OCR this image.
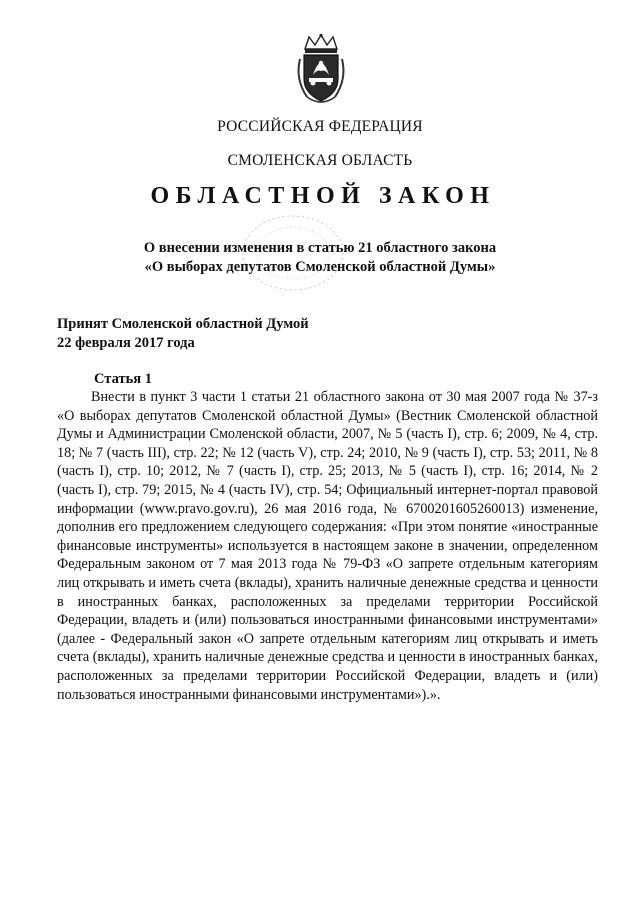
РОССИЙСКАЯ ФЕДЕРАЦИЯ
СМОЛЕНСКАЯ ОБЛАСТЬ
ОБЛАСТНОЙ ЗАКОН
О внесении изменения в статью 21 областного закона
«О выборах депутатов Смоленской областной Думы»
Принят Смоленской областной Думой
22 февраля 2017 года
Статья 1

Внести в пункт 3 части 1 статьи 21 областного закона от 30 мая 2007 года № 37-з «О выборах депутатов Смоленской областной Думы» (Вестник Смоленской областной Думы и Администрации Смоленской области, 2007, № 5 (часть I), стр. 6; 2009, № 4, стр. 18; № 7 (часть III), стр. 22; № 12 (часть V), стр. 24; 2010, № 9 (часть I), стр. 53; 2011, № 8 (часть I), стр. 10; 2012, № 7 (часть I), стр. 25; 2013, № 5 (часть I), стр. 16; 2014, № 2 (часть I), стр. 79; 2015, № 4 (часть IV), стр. 54; Официальный интернет-портал правовой информации (www.pravo.gov.ru), 26 мая 2016 года, № 6700201605260013) изменение, дополнив его предложением следующего содержания: «При этом понятие «иностранные финансовые инструменты» используется в настоящем законе в значении, определенном Федеральным законом от 7 мая 2013 года № 79-ФЗ «О запрете отдельным категориям лиц открывать и иметь счета (вклады), хранить наличные денежные средства и ценности в иностранных банках, расположенных за пределами территории Российской Федерации, владеть и (или) пользоваться иностранными финансовыми инструментами» (далее - Федеральный закон «О запрете отдельным категориям лиц открывать и иметь счета (вклады), хранить наличные денежные средства и ценности в иностранных банках, расположенных за пределами территории Российской Федерации, владеть и (или) пользоваться иностранными финансовыми инструментами»).».
